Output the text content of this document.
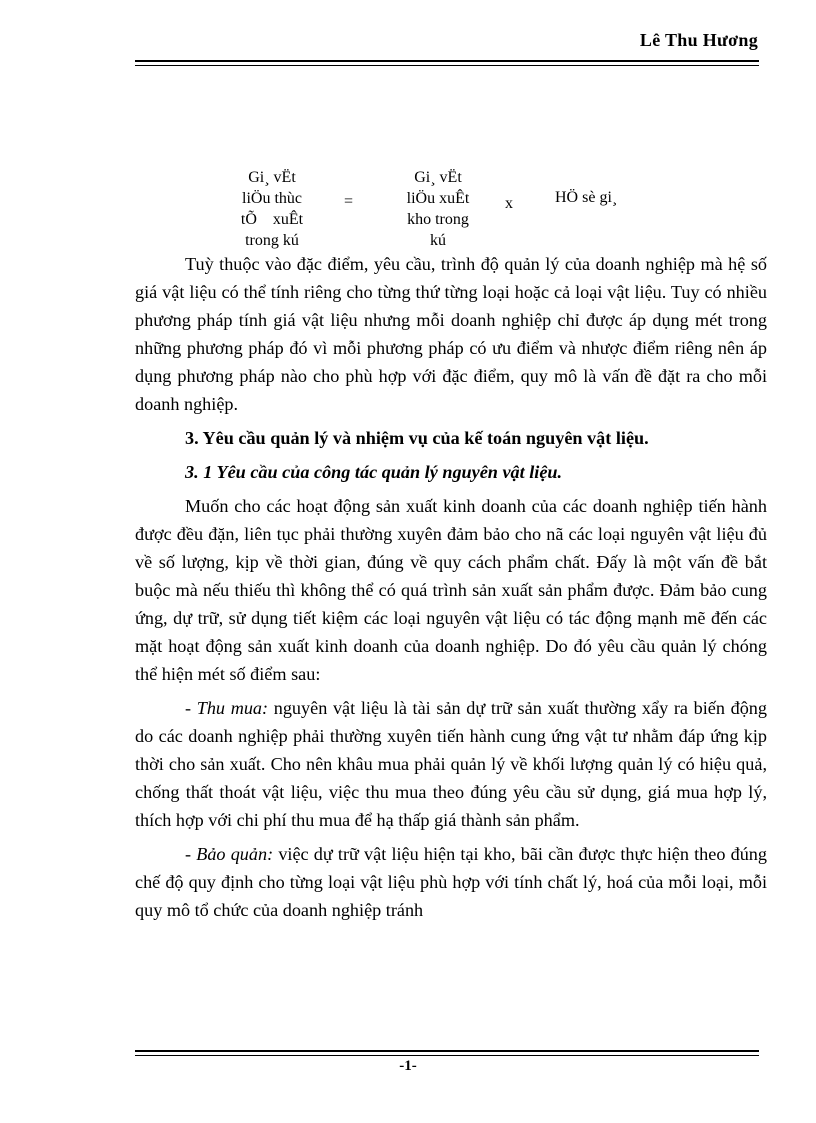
Lê Thu Hương
Gi¸ vËt
liÖu thùc
tÕ    xuÊt
trong kú
=
Gi¸ vËt
liÖu xuÊt
kho trong
kú
x	HÖ sè gi¸

Tuỳ thuộc vào đặc điểm, yêu cầu, trình độ quản lý của doanh nghiệp mà hệ số giá vật liệu có thể tính riêng cho từng thứ từng loại hoặc cả loại vật liệu. Tuy có nhiều phương pháp tính giá vật liệu nhưng mỗi doanh nghiệp chỉ được áp dụng mét trong những phương pháp đó vì mỗi phương pháp có ưu điểm và nhược điểm riêng nên áp dụng phương pháp nào cho phù hợp với đặc điểm, quy mô là vấn đề đặt ra cho mỗi doanh nghiệp.

3. Yêu cầu quản lý và nhiệm vụ của kế toán nguyên vật liệu.

3. 1 Yêu cầu của công tác quản lý nguyên vật liệu.

Muốn cho các hoạt động sản xuất kinh doanh của các doanh nghiệp tiến hành được đều đặn, liên tục phải thường xuyên đảm bảo cho nã các loại nguyên vật liệu đủ về số lượng, kịp về thời gian, đúng về quy cách phẩm chất. Đấy là một vấn đề bắt buộc mà nếu thiếu thì không thể có quá trình sản xuất sản phẩm được. Đảm bảo cung ứng, dự trữ, sử dụng tiết kiệm các loại nguyên vật liệu có tác động mạnh mẽ đến các mặt hoạt động sản xuất kinh doanh của doanh nghiệp. Do đó yêu cầu quản lý chóng thể hiện mét số điểm sau:

- Thu mua: nguyên vật liệu là tài sản dự trữ sản xuất thường xẩy ra biến động do các doanh nghiệp phải thường xuyên tiến hành cung ứng vật tư nhằm đáp ứng kịp thời cho sản xuất. Cho nên khâu mua phải quản lý về khối lượng quản lý có hiệu quả, chống thất thoát vật liệu, việc thu mua theo đúng yêu cầu sử dụng, giá mua hợp lý, thích hợp với chi phí thu mua để hạ thấp giá thành sản phẩm.

- Bảo quản: việc dự trữ vật liệu hiện tại kho, bãi cần được thực hiện theo đúng chế độ quy định cho từng loại vật liệu phù hợp với tính chất lý, hoá của mỗi loại, mỗi quy mô tổ chức của doanh nghiệp tránh

-1-
